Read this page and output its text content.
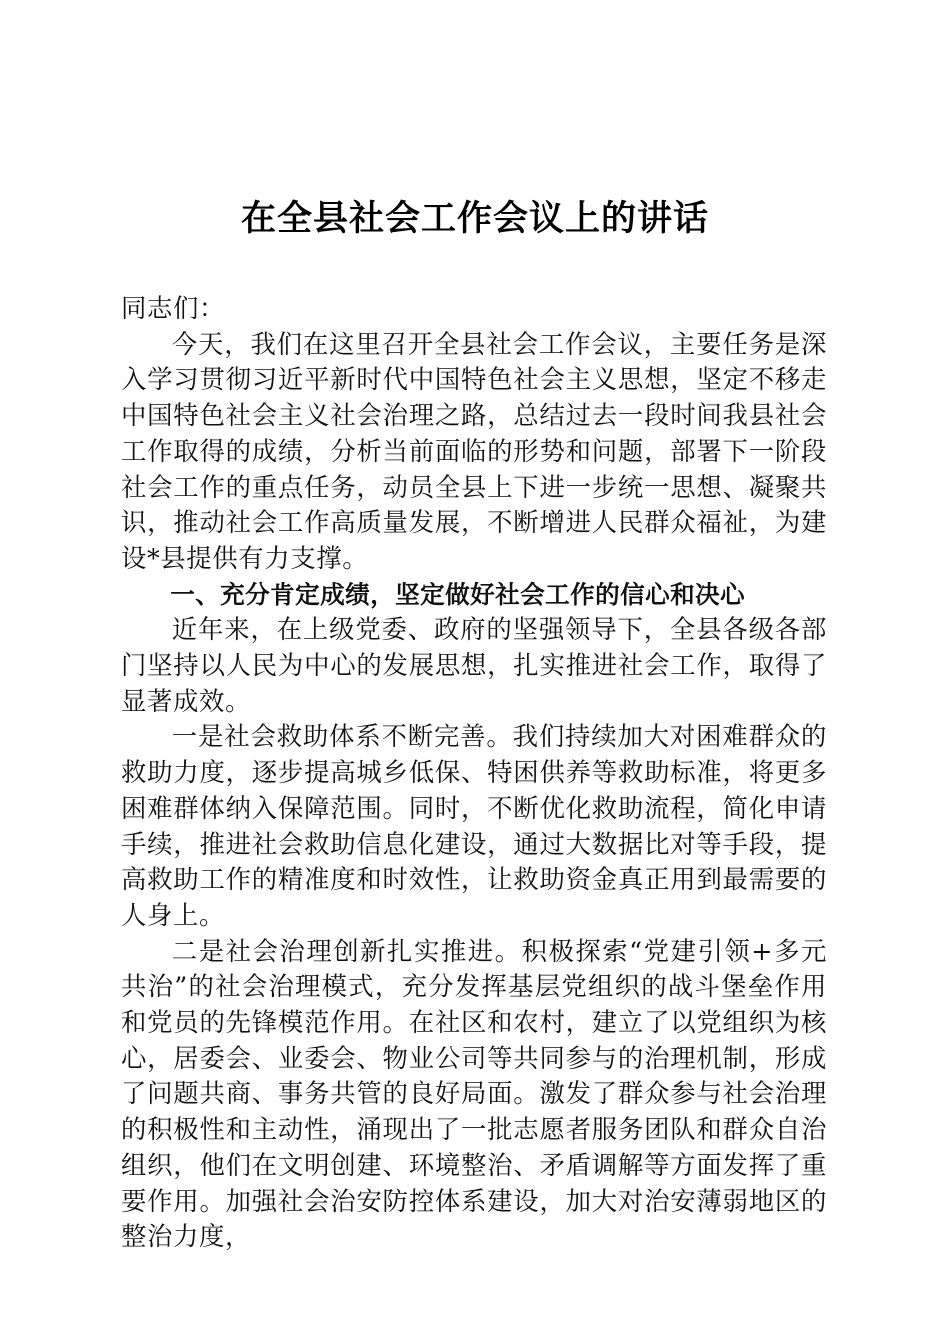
在全县社会工作会议上的讲话

同志们：

今天，我们在这里召开全县社会工作会议，主要任务是深入学习贯彻习近平新时代中国特色社会主义思想，坚定不移走中国特色社会主义社会治理之路，总结过去一段时间我县社会工作取得的成绩，分析当前面临的形势和问题，部署下一阶段社会工作的重点任务，动员全县上下进一步统一思想、凝聚共识，推动社会工作高质量发展，不断增进人民群众福祉，为建设*县提供有力支撑。

一、充分肯定成绩，坚定做好社会工作的信心和决心

近年来，在上级党委、政府的坚强领导下，全县各级各部门坚持以人民为中心的发展思想，扎实推进社会工作，取得了显著成效。

一是社会救助体系不断完善。我们持续加大对困难群众的救助力度，逐步提高城乡低保、特困供养等救助标准，将更多困难群体纳入保障范围。同时，不断优化救助流程，简化申请手续，推进社会救助信息化建设，通过大数据比对等手段，提高救助工作的精准度和时效性，让救助资金真正用到最需要的人身上。

二是社会治理创新扎实推进。积极探索“党建引领+多元共治”的社会治理模式，充分发挥基层党组织的战斗堡垒作用和党员的先锋模范作用。在社区和农村，建立了以党组织为核心，居委会、业委会、物业公司等共同参与的治理机制，形成了问题共商、事务共管的良好局面。激发了群众参与社会治理的积极性和主动性，涌现出了一批志愿者服务团队和群众自治组织，他们在文明创建、环境整治、矛盾调解等方面发挥了重要作用。加强社会治安防控体系建设，加大对治安薄弱地区的整治力度，
